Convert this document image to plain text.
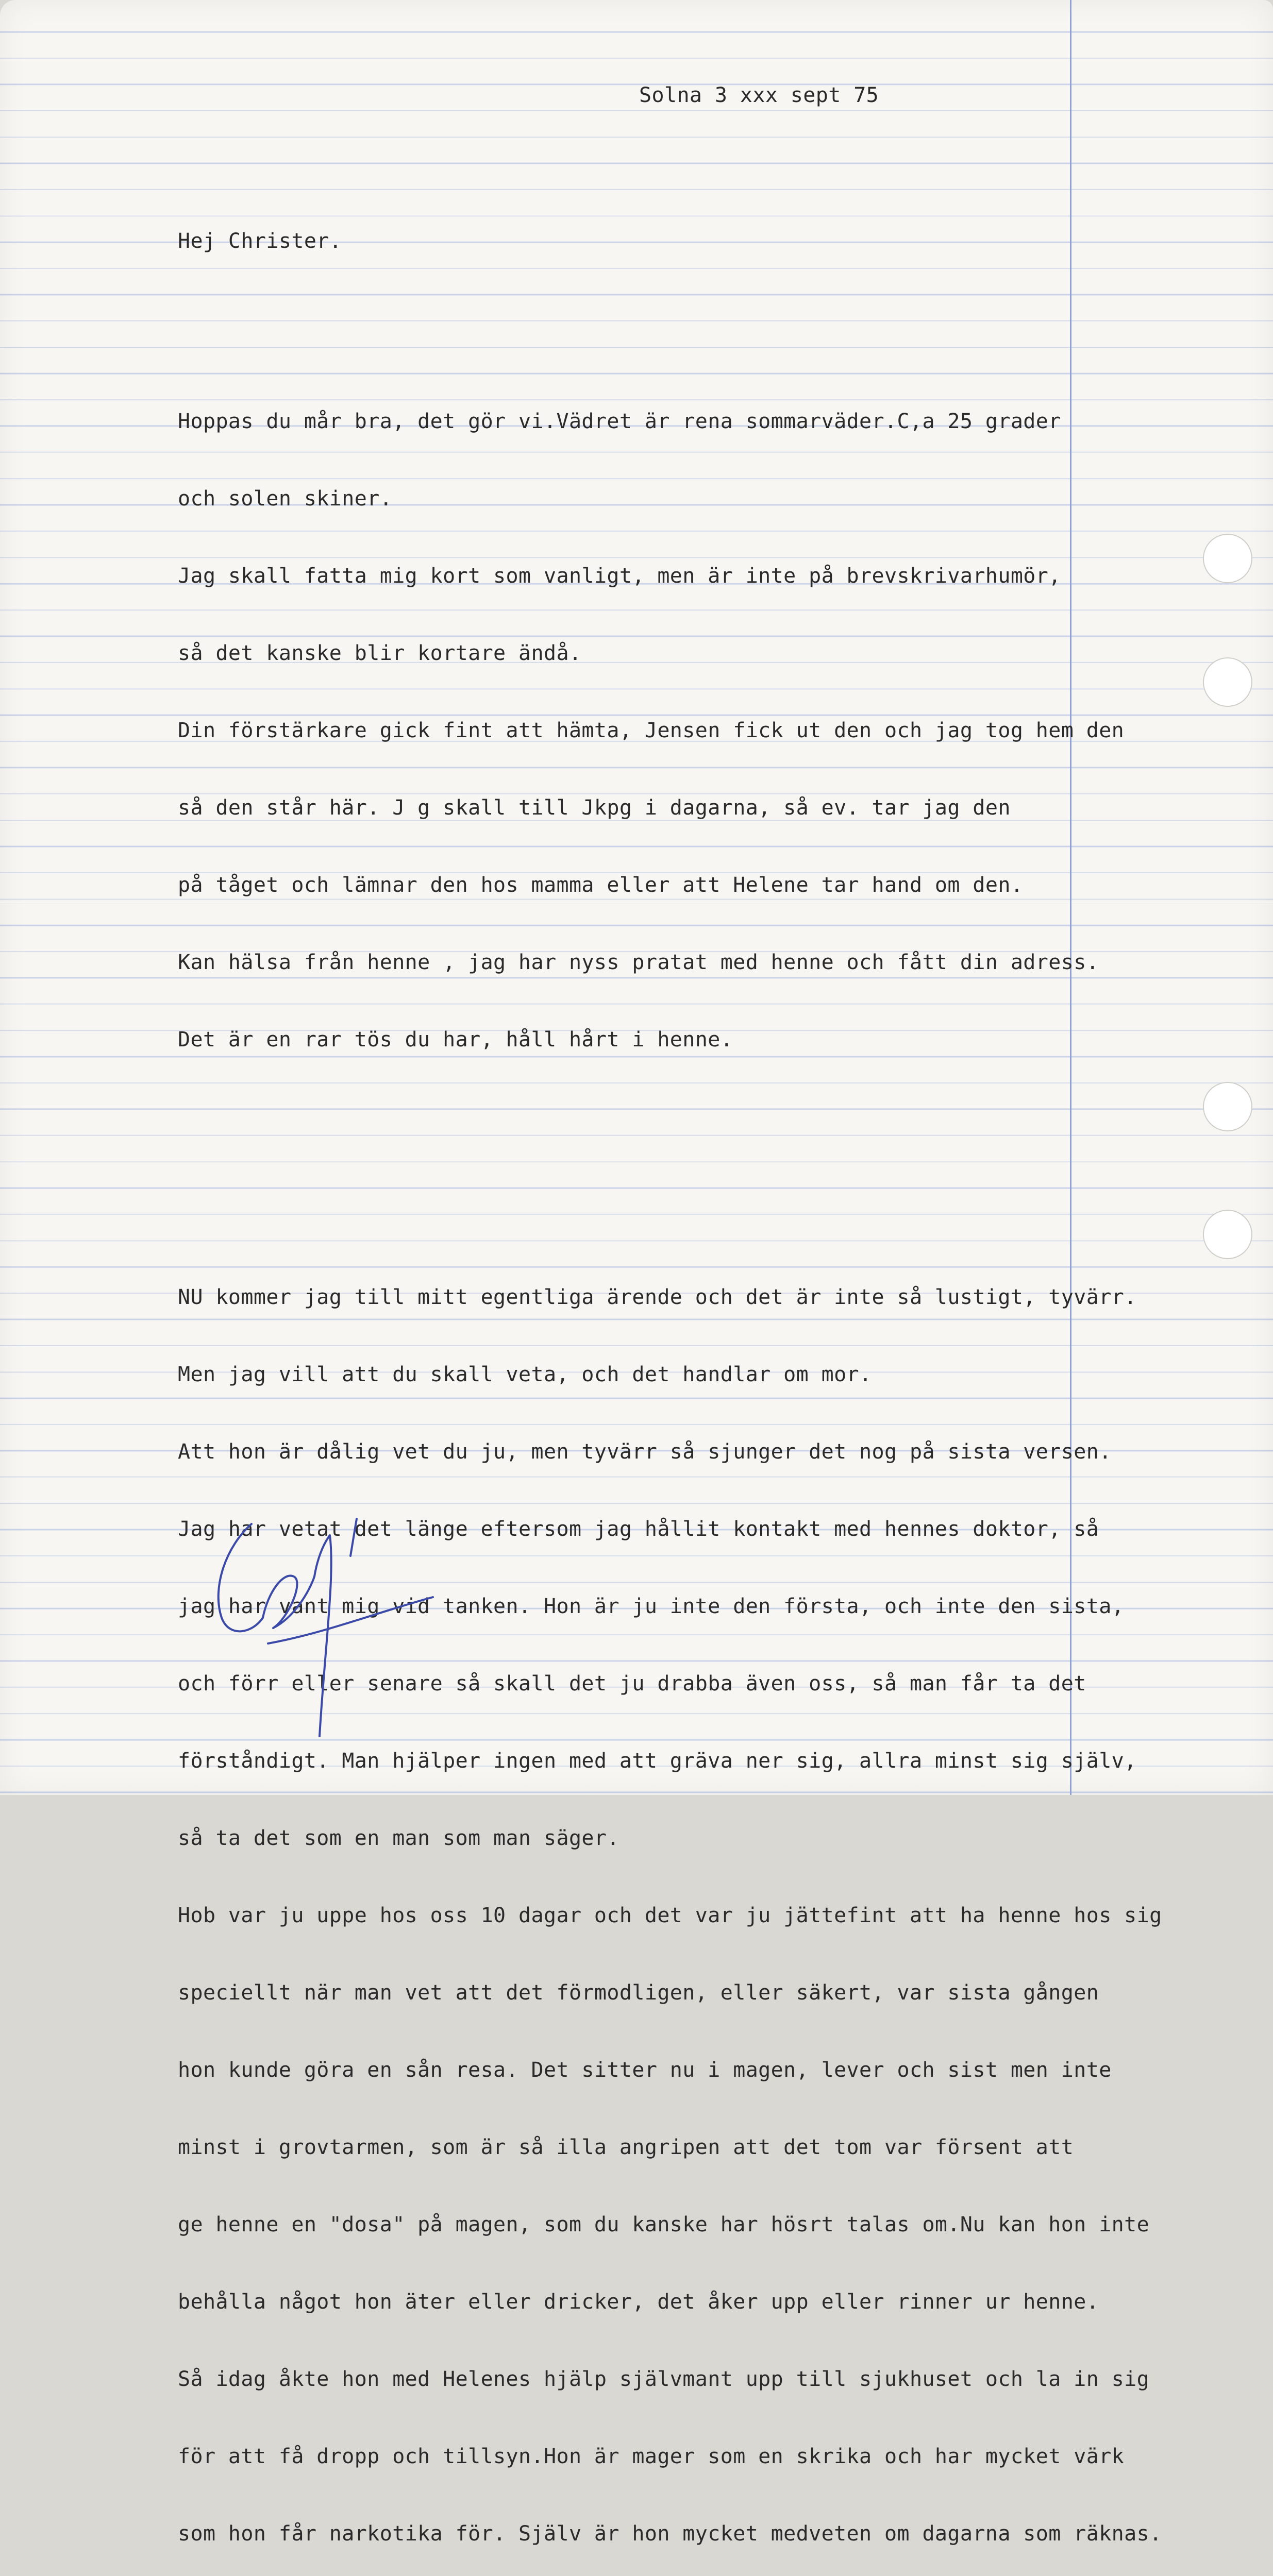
Solna 3 xxx sept 75
Hej Christer.

Hoppas du mår bra, det gör vi.Vädret är rena sommarväder.C,a 25 grader

och solen skiner.

Jag skall fatta mig kort som vanligt, men är inte på brevskrivarhumör,

så det kanske blir kortare ändå.

Din förstärkare gick fint att hämta, Jensen fick ut den och jag tog hem den

så den står här. J g skall till Jkpg i dagarna, så ev. tar jag den

på tåget och lämnar den hos mamma eller att Helene tar hand om den.

Kan hälsa från henne , jag har nyss pratat med henne och fått din adress.

Det är en rar tös du har, håll hårt i henne.

NU kommer jag till mitt egentliga ärende och det är inte så lustigt, tyvärr.

Men jag vill att du skall veta, och det handlar om mor.

Att hon är dålig vet du ju, men tyvärr så sjunger det nog på sista versen.

Jag har vetat det länge eftersom jag hållit kontakt med hennes doktor, så

jag har vant mig vid tanken. Hon är ju inte den första, och inte den sista,

och förr eller senare så skall det ju drabba även oss, så man får ta det

förståndigt. Man hjälper ingen med att gräva ner sig, allra minst sig själv,

så ta det som en man som man säger.

Hob var ju uppe hos oss 10 dagar och det var ju jättefint att ha henne hos sig

speciellt när man vet att det förmodligen, eller säkert, var sista gången

hon kunde göra en sån resa. Det sitter nu i magen, lever och sist men inte

minst i grovtarmen, som är så illa angripen att det tom var försent att

ge henne en "dosa" på magen, som du kanske har hösrt talas om.Nu kan hon inte

behålla något hon äter eller dricker, det åker upp eller rinner ur henne.

Så idag åkte hon med Helenes hjälp självmant upp till sjukhuset och la in sig

för att få dropp och tillsyn.Hon är mager som en skrika och har mycket värk

som hon får narkotika för. Själv är hon mycket medveten om dagarna som räknas.
